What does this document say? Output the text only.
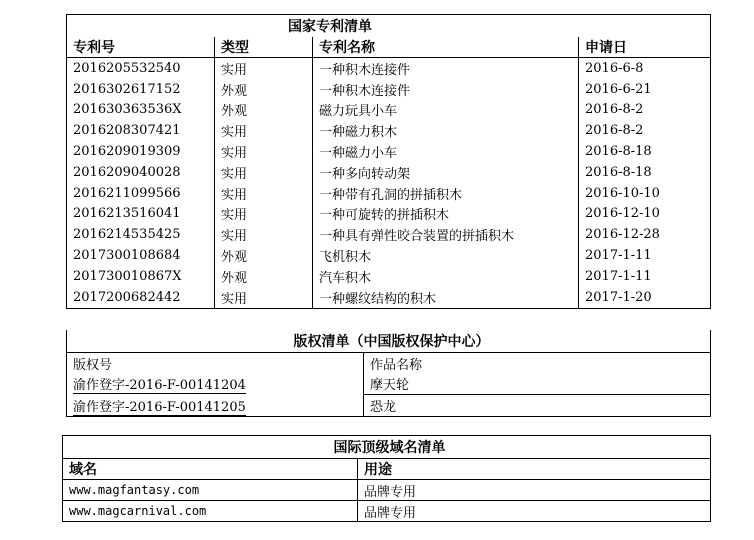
国家专利清单			
专利号	类型	专利名称	申请日
2016205532540	实用	一种积木连接件	2016-6-8
2016302617152	外观	一种积木连接件	2016-6-21
201630363536X	外观	磁力玩具小车	2016-8-2
2016208307421	实用	一种磁力积木	2016-8-2
2016209019309	实用	一种磁力小车	2016-8-18
2016209040028	实用	一种多向转动架	2016-8-18
2016211099566	实用	一种带有孔洞的拼插积木	2016-10-10
2016213516041	实用	一种可旋转的拼插积木	2016-12-10
2016214535425	实用	一种具有弹性咬合装置的拼插积木	2016-12-28
2017300108684	外观	飞机积木	2017-1-11
201730010867X	外观	汽车积木	2017-1-11
2017200682442	实用	一种螺纹结构的积木	2017-1-20
版权清单（中国版权保护中心）	
版权号	作品名称
渝作登字-2016-F-00141204	摩天轮
渝作登字-2016-F-00141205	恐龙
国际顶级域名清单	
域名	用途
www.magfantasy.com	品牌专用
www.magcarnival.com	品牌专用
